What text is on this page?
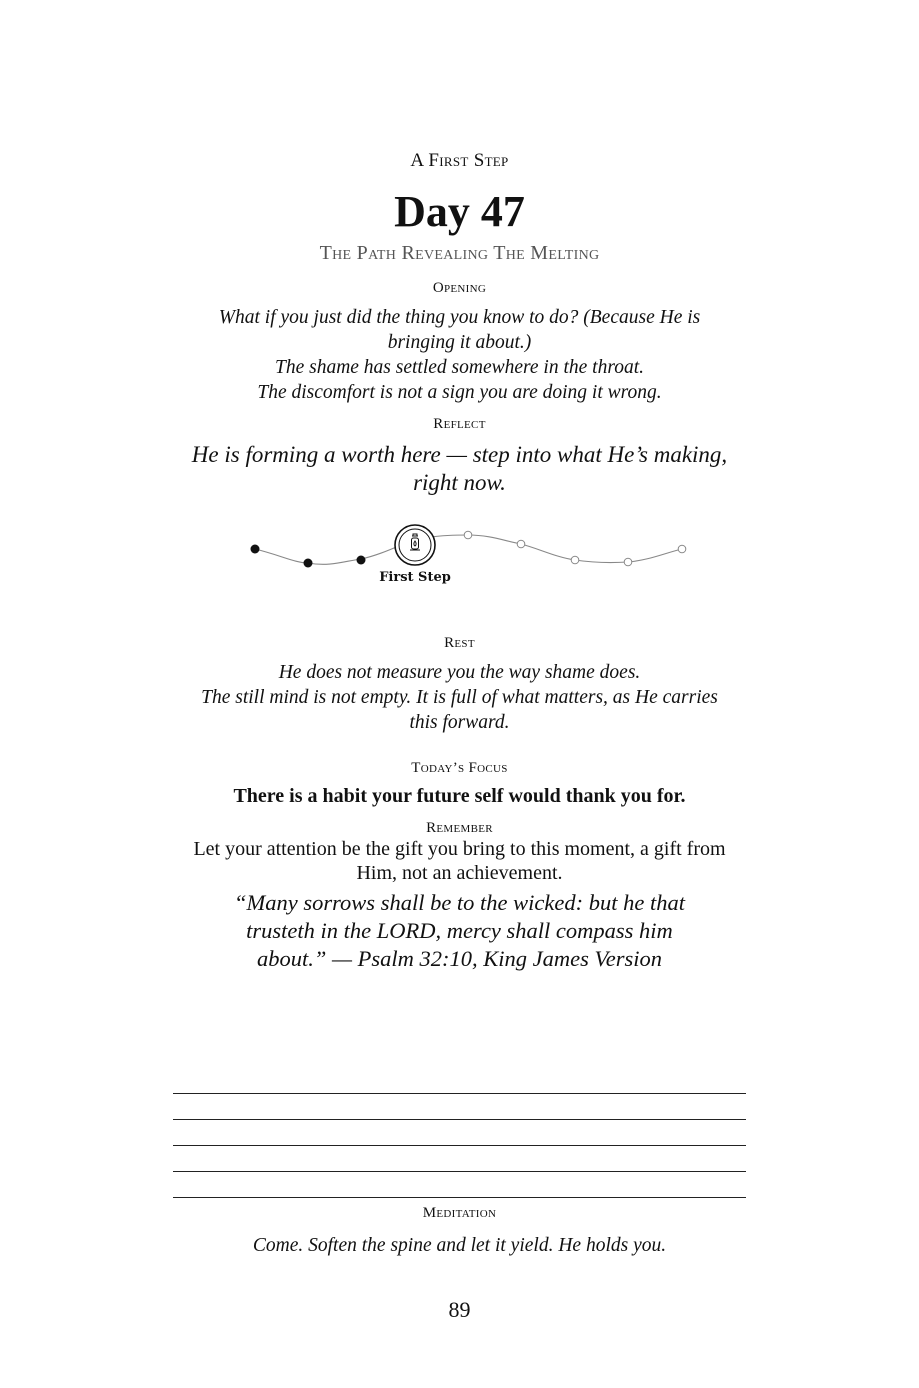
A First Step
Day 47
The Path Revealing The Melting
Opening
What if you just did the thing you know to do? (Because He is bringing it about.)
The shame has settled somewhere in the throat.
The discomfort is not a sign you are doing it wrong.
Reflect
He is forming a worth here — step into what He’s making, right now.
First Step
Rest
He does not measure you the way shame does.
The still mind is not empty. It is full of what matters, as He carries this forward.
Today’s Focus
There is a habit your future self would thank you for.
Remember
Let your attention be the gift you bring to this moment, a gift from Him, not an achievement.
“Many sorrows shall be to the wicked: but he that trusteth in the LORD, mercy shall compass him about.” — Psalm 32:10, King James Version
Meditation
Come. Soften the spine and let it yield. He holds you.
89
